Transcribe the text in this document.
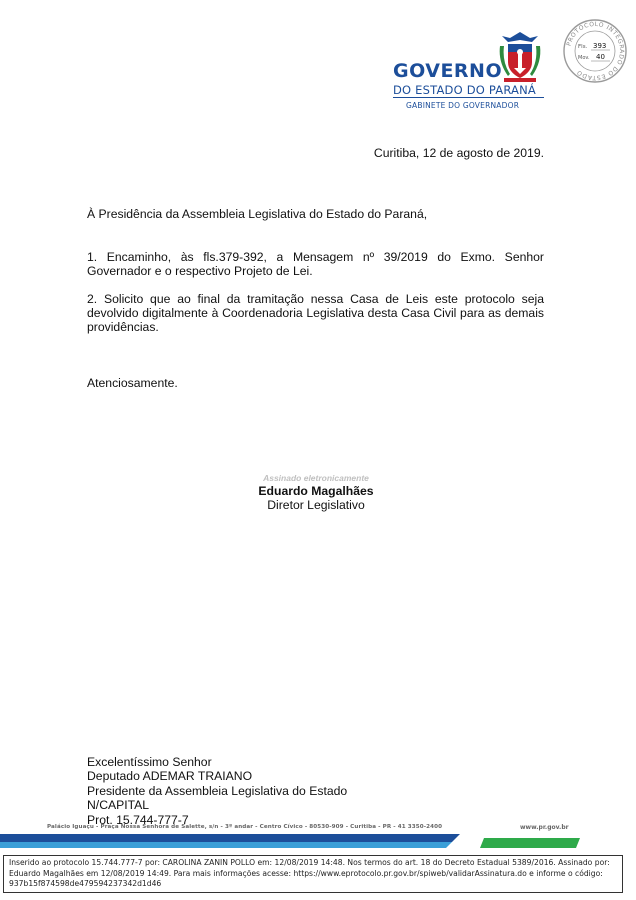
GOVERNO
DO ESTADO DO PARANÁ
GABINETE DO GOVERNADOR
PROTOCOLO INTEGRADO DO ESTADO
Fls. 393
Mov. 40
Curitiba, 12 de agosto de 2019.
À Presidência da Assembleia Legislativa do Estado do Paraná,
1. Encaminho, às fls.379-392, a Mensagem nº 39/2019 do Exmo. Senhor Governador e o respectivo Projeto de Lei.
2. Solicito que ao final da tramitação nessa Casa de Leis este protocolo seja devolvido digitalmente à Coordenadoria Legislativa desta Casa Civil para as demais providências.
Atenciosamente.
Assinado eletronicamente
Eduardo Magalhães
Diretor Legislativo
Excelentíssimo Senhor
Deputado ADEMAR TRAIANO
Presidente da Assembleia Legislativa do Estado
N/CAPITAL
Prot. 15.744-777-7
Palácio Iguaçu - Praça Nossa Senhora de Salette, s/n - 3º andar - Centro Cívico - 80530-909 - Curitiba - PR - 41 3350-2400	www.pr.gov.br
Inserido ao protocolo 15.744.777-7 por: CAROLINA ZANIN POLLO em: 12/08/2019 14:48. Nos termos do art. 18 do Decreto Estadual 5389/2016. Assinado por: Eduardo Magalhães em 12/08/2019 14:49. Para mais informações acesse: https://www.eprotocolo.pr.gov.br/spiweb/validarAssinatura.do e informe o código: 937b15f874598de479594237342d1d46
